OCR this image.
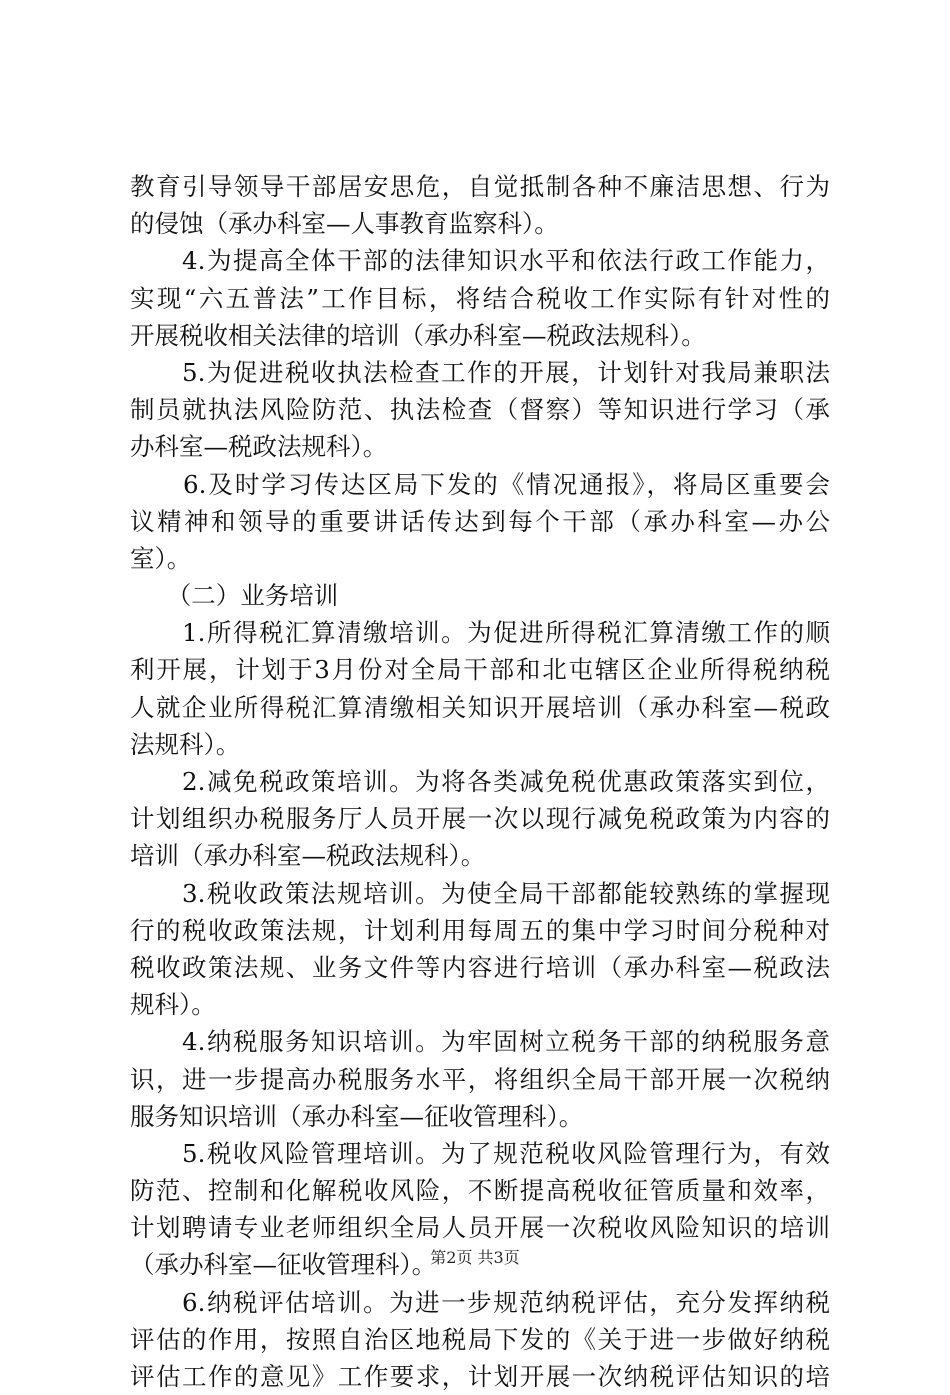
教育引导领导干部居安思危，自觉抵制各种不廉洁思想、行为
的侵蚀（承办科室—人事教育监察科）。
　　4.为提高全体干部的法律知识水平和依法行政工作能力，
实现“六五普法”工作目标，将结合税收工作实际有针对性的
开展税收相关法律的培训（承办科室—税政法规科）。
　　5.为促进税收执法检查工作的开展，计划针对我局兼职法
制员就执法风险防范、执法检查（督察）等知识进行学习（承
办科室—税政法规科）。
　　6.及时学习传达区局下发的《情况通报》，将局区重要会
议精神和领导的重要讲话传达到每个干部（承办科室—办公
室）。
　　（二）业务培训
　　1.所得税汇算清缴培训。为促进所得税汇算清缴工作的顺
利开展，计划于3月份对全局干部和北屯辖区企业所得税纳税
人就企业所得税汇算清缴相关知识开展培训（承办科室—税政
法规科）。
　　2.减免税政策培训。为将各类减免税优惠政策落实到位，
计划组织办税服务厅人员开展一次以现行减免税政策为内容的
培训（承办科室—税政法规科）。
　　3.税收政策法规培训。为使全局干部都能较熟练的掌握现
行的税收政策法规，计划利用每周五的集中学习时间分税种对
税收政策法规、业务文件等内容进行培训（承办科室—税政法
规科）。
　　4.纳税服务知识培训。为牢固树立税务干部的纳税服务意
识，进一步提高办税服务水平，将组织全局干部开展一次税纳
服务知识培训（承办科室—征收管理科）。
　　5.税收风险管理培训。为了规范税收风险管理行为，有效
防范、控制和化解税收风险，不断提高税收征管质量和效率，
计划聘请专业老师组织全局人员开展一次税收风险知识的培训
（承办科室—征收管理科）。
　　6.纳税评估培训。为进一步规范纳税评估，充分发挥纳税
评估的作用，按照自治区地税局下发的《关于进一步做好纳税
评估工作的意见》工作要求，计划开展一次纳税评估知识的培
第2页 共3页
